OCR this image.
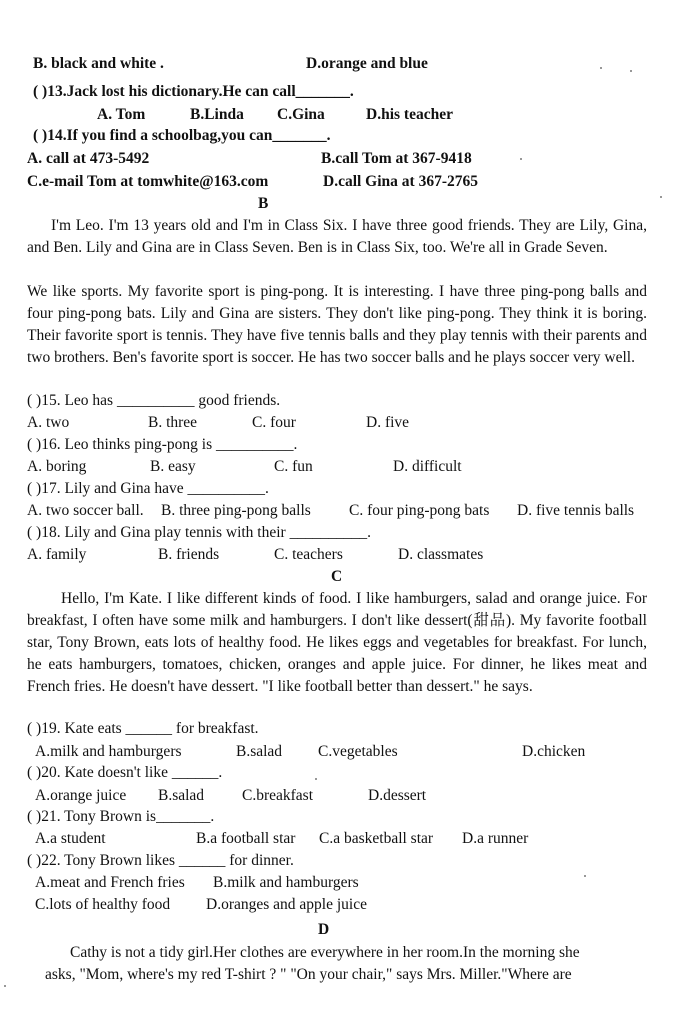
B. black and white .	D.orange and blue
( )13.Jack lost his dictionary.He can call_______.
A. Tom	B.Linda C.Gina	D.his teacher
( )14.If you find a schoolbag,you can_______.
A. call at 473-5492	B.call Tom at 367-9418
C.e-mail Tom at tomwhite@163.com	D.call Gina at 367-2765
B
I'm Leo. I'm 13 years old and I'm in Class Six. I have three good friends. They are Lily, Gina, and Ben. Lily and Gina are in Class Seven. Ben is in Class Six, too. We're all in Grade Seven.
We like sports. My favorite sport is ping-pong. It is interesting. I have three ping-pong balls and four ping-pong bats. Lily and Gina are sisters. They don't like ping-pong. They think it is boring. Their favorite sport is tennis. They have five tennis balls and they play tennis with their parents and two brothers. Ben's favorite sport is soccer. He has two soccer balls and he plays soccer very well.
( )15. Leo has __________ good friends.
A. two	B. three	C. four	D. five
( )16. Leo thinks ping-pong is __________.
A. boring	B. easy	C. fun	D. difficult
( )17. Lily and Gina have __________.
A. two soccer ball. B. three ping-pong balls C. four ping-pong bats D. five tennis balls
( )18. Lily and Gina play tennis with their __________.
A. family	B. friends	C. teachers	D. classmates
C
Hello, I'm Kate. I like different kinds of food. I like hamburgers, salad and orange juice. For breakfast, I often have some milk and hamburgers. I don't like dessert(甜品). My favorite football star, Tony Brown, eats lots of healthy food. He likes eggs and vegetables for breakfast. For lunch, he eats hamburgers, tomatoes, chicken, oranges and apple juice. For dinner, he likes meat and French fries. He doesn't have dessert. "I like football better than dessert." he says.
( )19. Kate eats ______ for breakfast.
A.milk and hamburgers	B.salad C.vegetables	D.chicken
( )20. Kate doesn't like ______.
A.orange juice B.salad C.breakfast	D.dessert
( )21. Tony Brown is_______.
A.a student	B.a football star C.a basketball star D.a runner
( )22. Tony Brown likes ______ for dinner.
A.meat and French fries B.milk and hamburgers
C.lots of healthy food D.oranges and apple juice
D
Cathy is not a tidy girl.Her clothes are everywhere in her room.In the morning she
asks, "Mom, where's my red T-shirt ? " "On your chair," says Mrs. Miller."Where are
